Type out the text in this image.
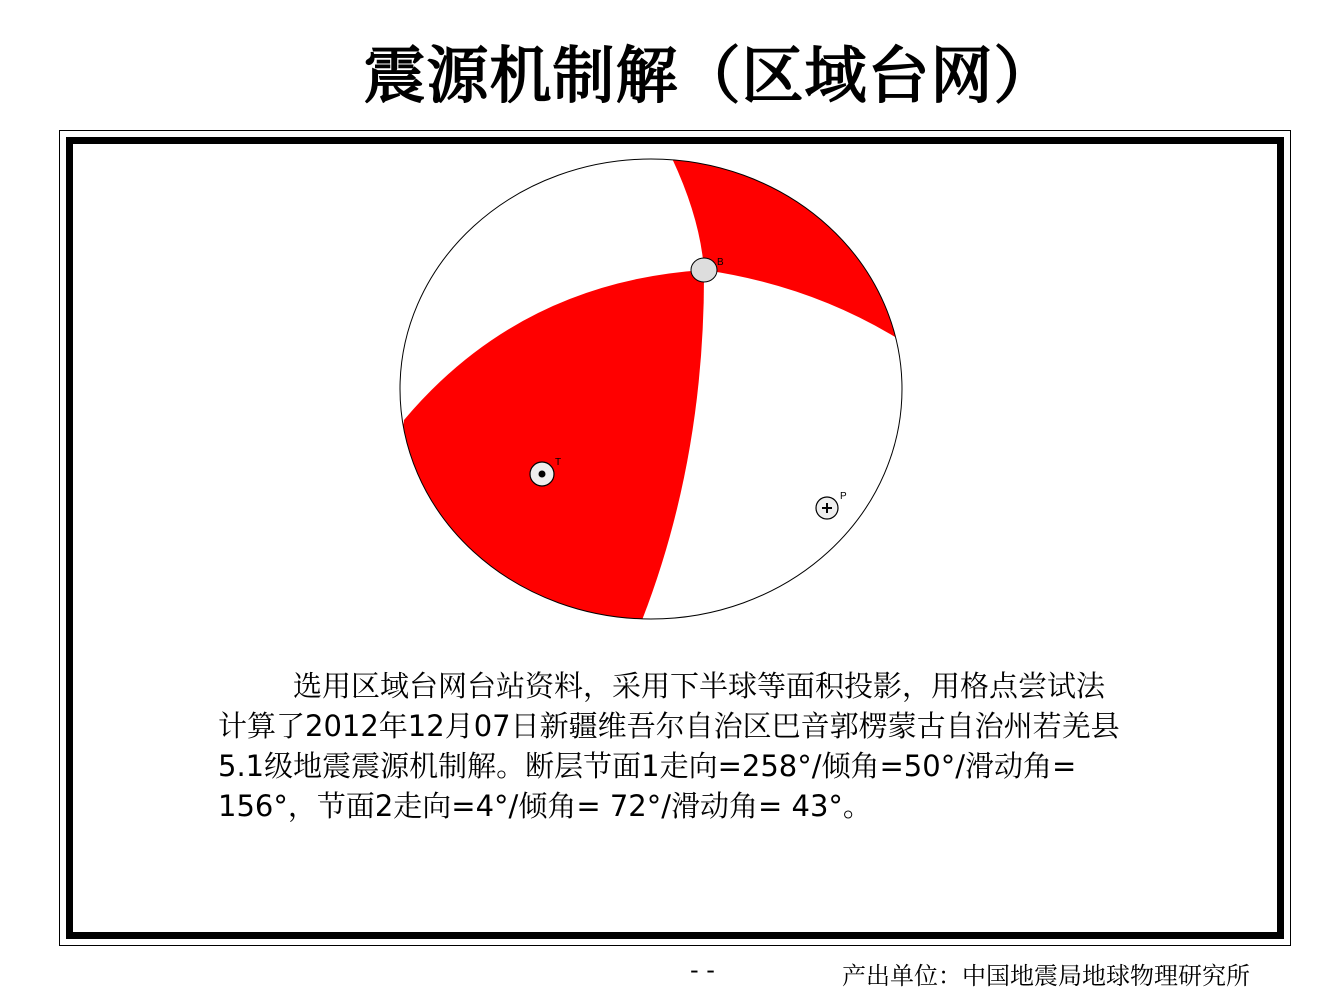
震源机制解（区域台网）
B
T
P
选用区域台网台站资料，采用下半球等面积投影，用格点尝试法计算了2012年12月07日新疆维吾尔自治区巴音郭楞蒙古自治州若羌县5.1级地震震源机制解。断层节面1走向=258°/倾角=50°/滑动角= 156°，节面2走向=4°/倾角= 72°/滑动角= 43°。
- -	产出单位：中国地震局地球物理研究所
